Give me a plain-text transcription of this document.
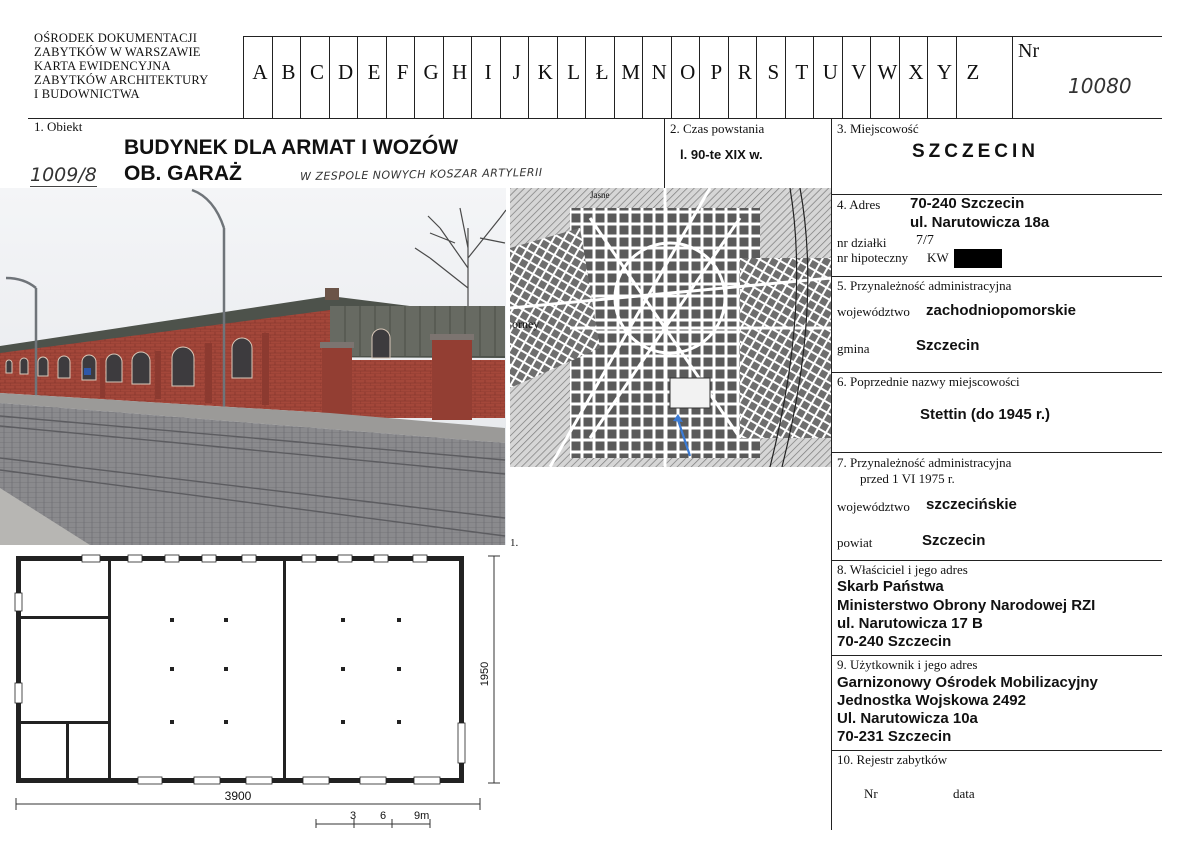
OŚRODEK DOKUMENTACJI
ZABYTKÓW W WARSZAWIE
KARTA EWIDENCYJNA
ZABYTKÓW ARCHITEKTURY
I BUDOWNICTWA
A B C D E F G H I J K L Ł M N O P R S T U V W X Y Z
Nr
10080
1. Obiekt
BUDYNEK DLA ARMAT I WOZÓW
OB. GARAŻ
1009/8	W ZESPOLE NOWYCH KOSZAR ARTYLERII
2. Czas powstania
l. 90-te XIX w.
3. Miejscowość
SZCZECIN
4. Adres 70-240 Szczecin
ul. Narutowicza 18a
nr działki 7/7
nr hipoteczny KW
5. Przynależność administracyjna
województwo zachodniopomorskie
gmina	Szczecin
6. Poprzednie nazwy miejscowości
Stettin (do 1945 r.)
7. Przynależność administracyjna
przed 1 VI 1975 r.
województwo szczecińskie
powiat	Szczecin
8. Właściciel i jego adres
Skarb Państwa
Ministerstwo Obrony Narodowej RZI
ul. Narutowicza 17 B
70-240 Szczecin
9. Użytkownik i jego adres
Garnizonowy Ośrodek Mobilizacyjny
Jednostka Wojskowa 2492
Ul. Narutowicza 10a
70-231 Szczecin
10. Rejestr zabytków
Nr	data
1.
orney
Jasne
3900
1950
3 6	9m
